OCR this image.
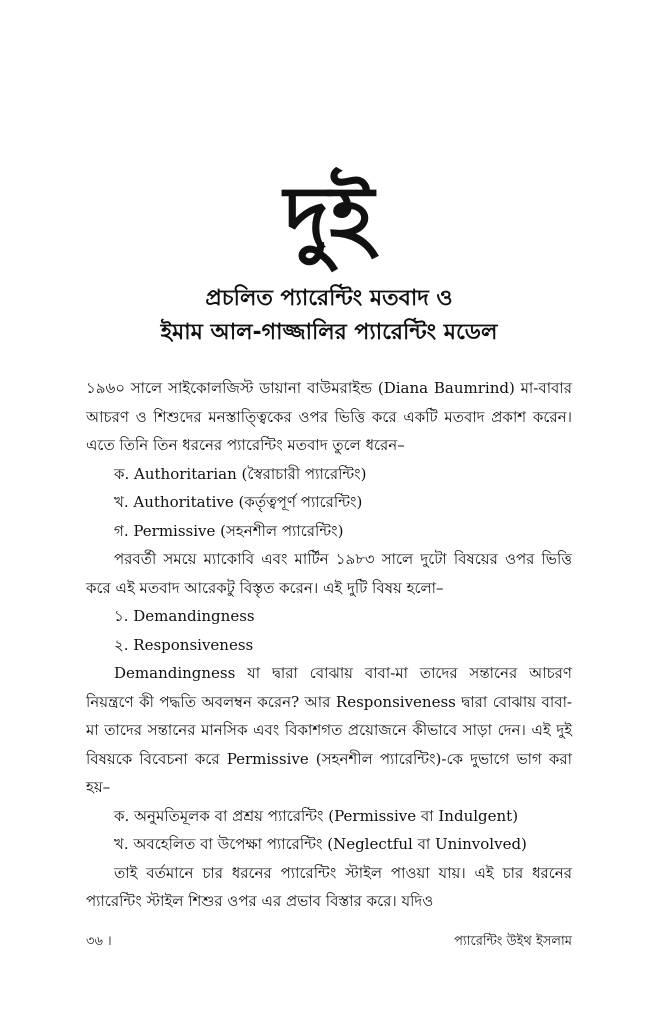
দুই
প্রচলিত প্যারেন্টিং মতবাদ ও
ইমাম আল-গাজ্জালির প্যারেন্টিং মডেল

১৯৬০ সালে সাইকোলজিস্ট ডায়ানা বাউমরাইন্ড (Diana Baumrind) মা-বাবার আচরণ ও শিশুদের মনস্তাত্ত্বিকের ওপর ভিত্তি করে একটি মতবাদ প্রকাশ করেন। এতে তিনি তিন ধরনের প্যারেন্টিং মতবাদ তুলে ধরেন–

ক. Authoritarian (স্বৈরাচারী প্যারেন্টিং)

খ. Authoritative (কর্তৃত্বপূর্ণ প্যারেন্টিং)

গ. Permissive (সহনশীল প্যারেন্টিং)

পরবর্তী সময়ে ম্যাকোবি এবং মার্টিন ১৯৮৩ সালে দুটো বিষয়ের ওপর ভিত্তি করে এই মতবাদ আরেকটু বিস্তৃত করেন। এই দুটি বিষয় হলো–

১. Demandingness

২. Responsiveness

Demandingness যা দ্বারা বোঝায় বাবা-মা তাদের সন্তানের আচরণ নিয়ন্ত্রণে কী পদ্ধতি অবলম্বন করেন? আর Responsiveness দ্বারা বোঝায় বাবা-মা তাদের সন্তানের মানসিক এবং বিকাশগত প্রয়োজনে কীভাবে সাড়া দেন। এই দুই বিষয়কে বিবেচনা করে Permissive (সহনশীল প্যারেন্টিং)-কে দুভাগে ভাগ করা হয়–

ক. অনুমতিমূলক বা প্রশ্রয় প্যারেন্টিং (Permissive বা Indulgent)

খ. অবহেলিত বা উপেক্ষা প্যারেন্টিং (Neglectful বা Uninvolved)

তাই বর্তমানে চার ধরনের প্যারেন্টিং স্টাইল পাওয়া যায়। এই চার ধরনের প্যারেন্টিং স্টাইল শিশুর ওপর এর প্রভাব বিস্তার করে। যদিও

৩৬ ।	প্যারেন্টিং উইথ ইসলাম
